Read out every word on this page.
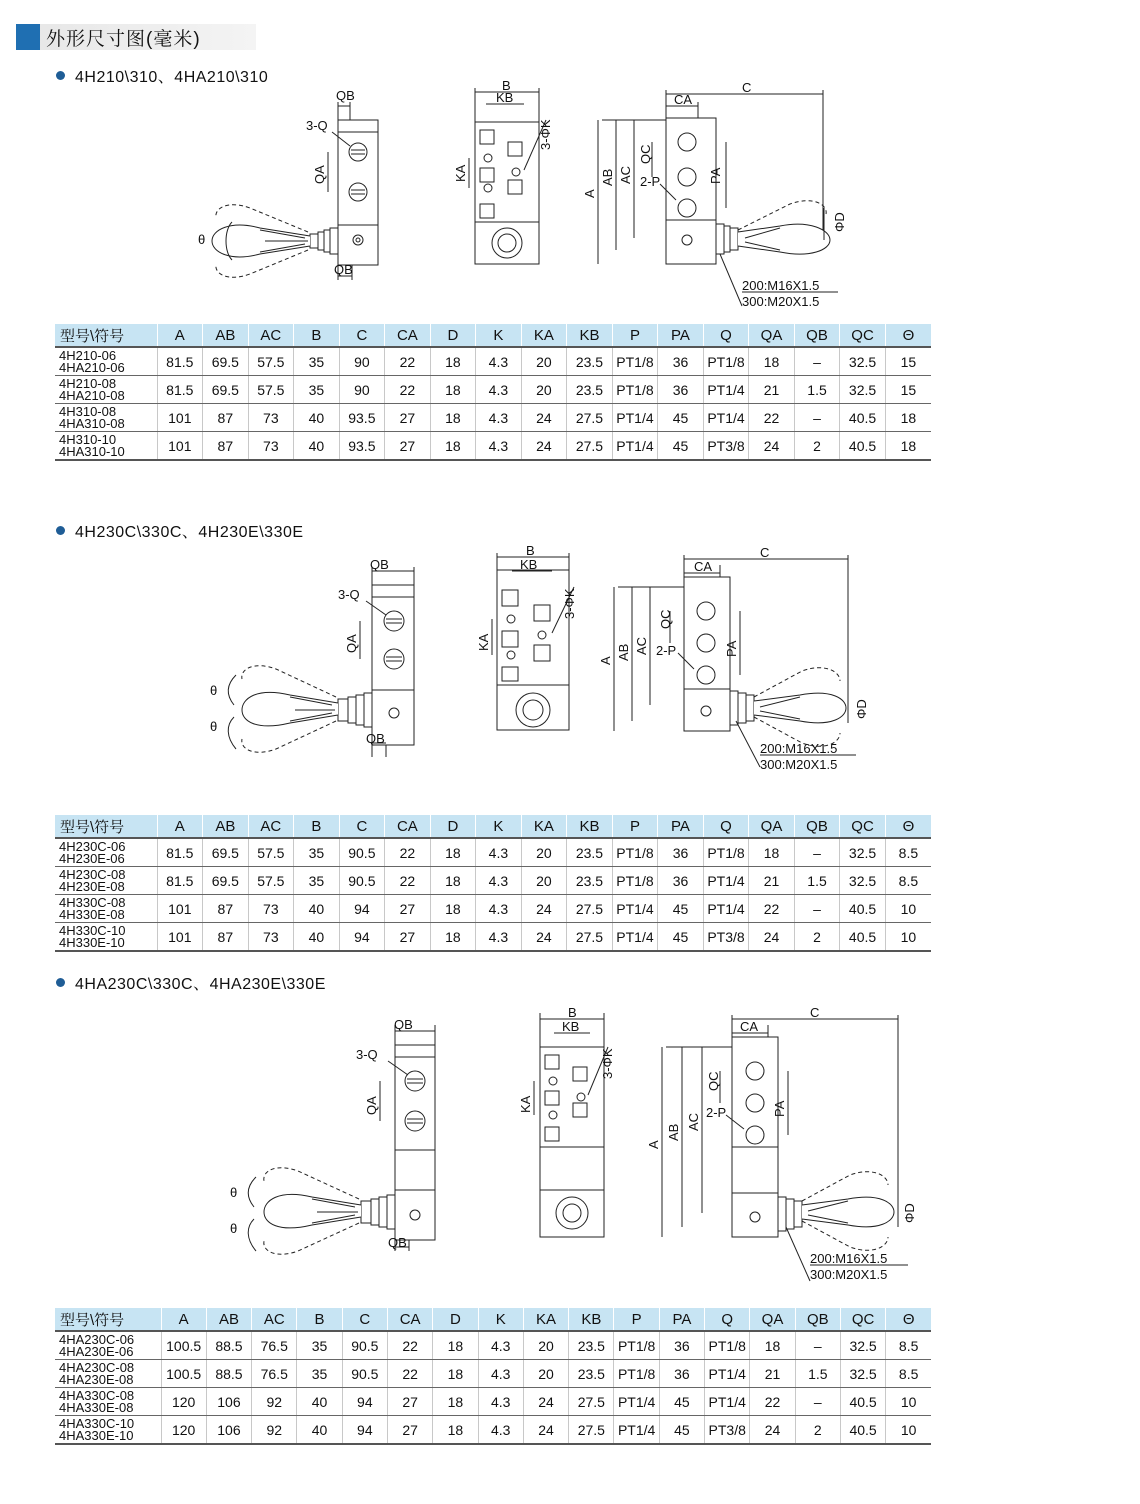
外形尺寸图(毫米)
4H210\310、4HA210\310
θ
QB
3-Q
QA
QB
B
KB
3-ΦK
KA
C
CA
A
AB AC
QC
2-P	PA
ΦD
200:M16X1.5
300:M20X1.5
型号\符号	A	AB	AC	B	C	CA	D	K	KA	KB	P	PA	Q	QA	QB	QC	Θ

4H210-06
4HA210-06	81.5	69.5	57.5	35	90	22	18	4.3	20	23.5	PT1/8	36	PT1/8	18	–	32.5	15

4H210-08
4HA210-08	81.5	69.5	57.5	35	90	22	18	4.3	20	23.5	PT1/8	36	PT1/4	21	1.5	32.5	15

4H310-08
4HA310-08	101	87	73	40	93.5	27	18	4.3	24	27.5	PT1/4	45	PT1/4	22	–	40.5	18

4H310-10
4HA310-10	101	87	73	40	93.5	27	18	4.3	24	27.5	PT1/4	45	PT3/8	24	2	40.5	18
4H230C\330C、4H230E\330E
θ
θ
QB
3-Q
QA
QB
B
KB
3-ΦK
KA
C
CA
A AB AC
QC
2-P	PA
ΦD
200:M16X1.5
300:M20X1.5
型号\符号	A	AB	AC	B	C	CA	D	K	KA	KB	P	PA	Q	QA	QB	QC	Θ

4H230C-06
4H230E-06	81.5	69.5	57.5	35	90.5	22	18	4.3	20	23.5	PT1/8	36	PT1/8	18	–	32.5	8.5

4H230C-08
4H230E-08	81.5	69.5	57.5	35	90.5	22	18	4.3	20	23.5	PT1/8	36	PT1/4	21	1.5	32.5	8.5

4H330C-08
4H330E-08	101	87	73	40	94	27	18	4.3	24	27.5	PT1/4	45	PT1/4	22	–	40.5	10

4H330C-10
4H330E-10	101	87	73	40	94	27	18	4.3	24	27.5	PT1/4	45	PT3/8	24	2	40.5	10
4HA230C\330C、4HA230E\330E
θ
θ
QB
3-Q
QA
QB
B
KB
3-ΦK
KA
C
CA
A
AB
AC
QC
2-P	PA
ΦD
200:M16X1.5
300:M20X1.5
型号\符号	A	AB	AC	B	C	CA	D	K	KA	KB	P	PA	Q	QA	QB	QC	Θ

4HA230C-06
4HA230E-06	100.5	88.5	76.5	35	90.5	22	18	4.3	20	23.5	PT1/8	36	PT1/8	18	–	32.5	8.5

4HA230C-08
4HA230E-08	100.5	88.5	76.5	35	90.5	22	18	4.3	20	23.5	PT1/8	36	PT1/4	21	1.5	32.5	8.5

4HA330C-08
4HA330E-08	120	106	92	40	94	27	18	4.3	24	27.5	PT1/4	45	PT1/4	22	–	40.5	10

4HA330C-10
4HA330E-10	120	106	92	40	94	27	18	4.3	24	27.5	PT1/4	45	PT3/8	24	2	40.5	10
